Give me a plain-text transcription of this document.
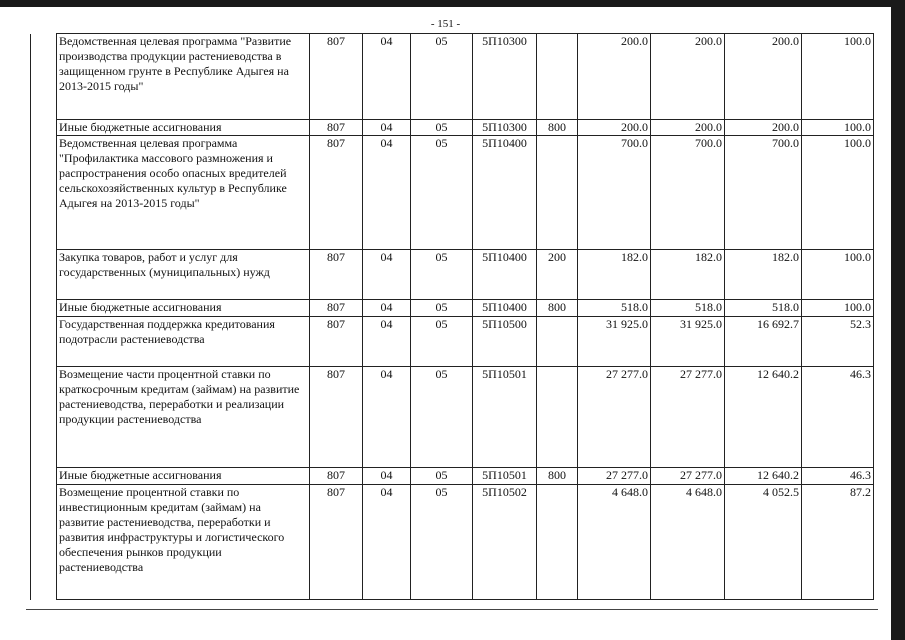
- 151 -
	Ведомственная целевая программа "Развитие производства продукции растениеводства в защищенном грунте в Республике Адыгея на 2013-2015 годы"	807	04	05	5П10300		200.0	200.0	200.0	100.0
	Иные бюджетные ассигнования	807	04	05	5П10300	800	200.0	200.0	200.0	100.0
	Ведомственная целевая программа "Профилактика массового размножения и распространения особо опасных вредителей сельскохозяйственных культур в Республике Адыгея на 2013-2015 годы"	807	04	05	5П10400		700.0	700.0	700.0	100.0
	Закупка товаров, работ и услуг для государственных (муниципальных) нужд	807	04	05	5П10400	200	182.0	182.0	182.0	100.0
	Иные бюджетные ассигнования	807	04	05	5П10400	800	518.0	518.0	518.0	100.0
	Государственная поддержка кредитования подотрасли растениеводства	807	04	05	5П10500		31 925.0	31 925.0	16 692.7	52.3
	Возмещение части процентной ставки по краткосрочным кредитам (займам) на развитие растениеводства, переработки и реализации продукции растениеводства	807	04	05	5П10501		27 277.0	27 277.0	12 640.2	46.3
	Иные бюджетные ассигнования	807	04	05	5П10501	800	27 277.0	27 277.0	12 640.2	46.3
	Возмещение процентной ставки по инвестиционным кредитам (займам) на развитие растениеводства, переработки и развития инфраструктуры и логистического обеспечения рынков продукции растениеводства	807	04	05	5П10502		4 648.0	4 648.0	4 052.5	87.2
